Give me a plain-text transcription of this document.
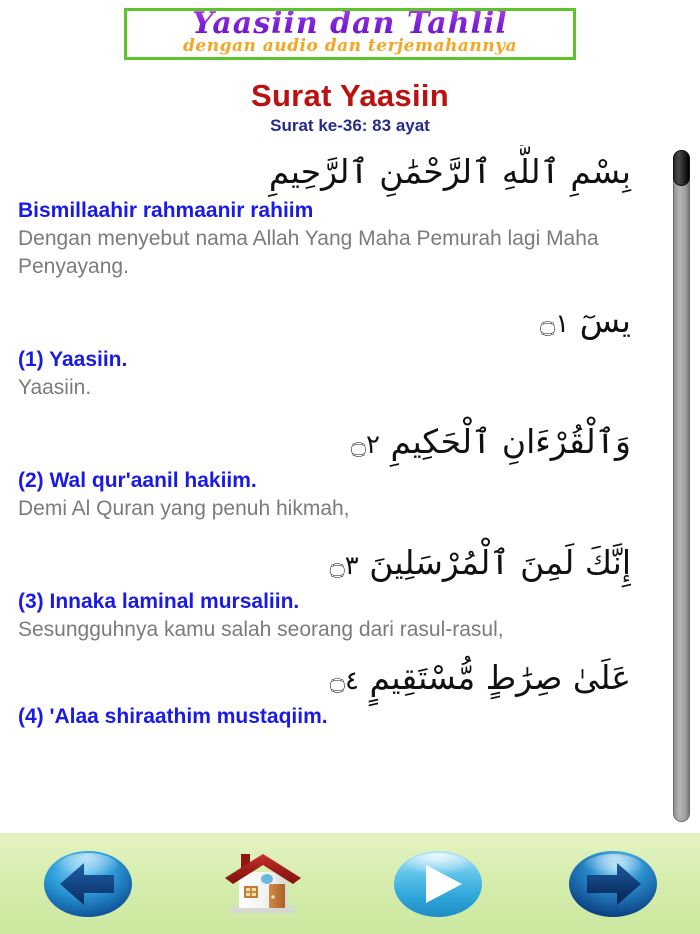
Yaasiin dan Tahlil
dengan audio dan terjemahannya
Surat Yaasiin
Surat ke-36: 83 ayat
بِسْمِ ٱللَّهِ ٱلرَّحْمَٰنِ ٱلرَّحِيمِ
Bismillaahir rahmaanir rahiim
Dengan menyebut nama Allah Yang Maha Pemurah lagi Maha Penyayang.
يسٓ ۝١
(1) Yaasiin.
Yaasiin.
وَٱلْقُرْءَانِ ٱلْحَكِيمِ ۝٢
(2) Wal qur'aanil hakiim.
Demi Al Quran yang penuh hikmah,
إِنَّكَ لَمِنَ ٱلْمُرْسَلِينَ ۝٣
(3) Innaka laminal mursaliin.
Sesungguhnya kamu salah seorang dari rasul-rasul,
عَلَىٰ صِرَٰطٍ مُّسْتَقِيمٍ ۝٤
(4) 'Alaa shiraathim mustaqiim.
